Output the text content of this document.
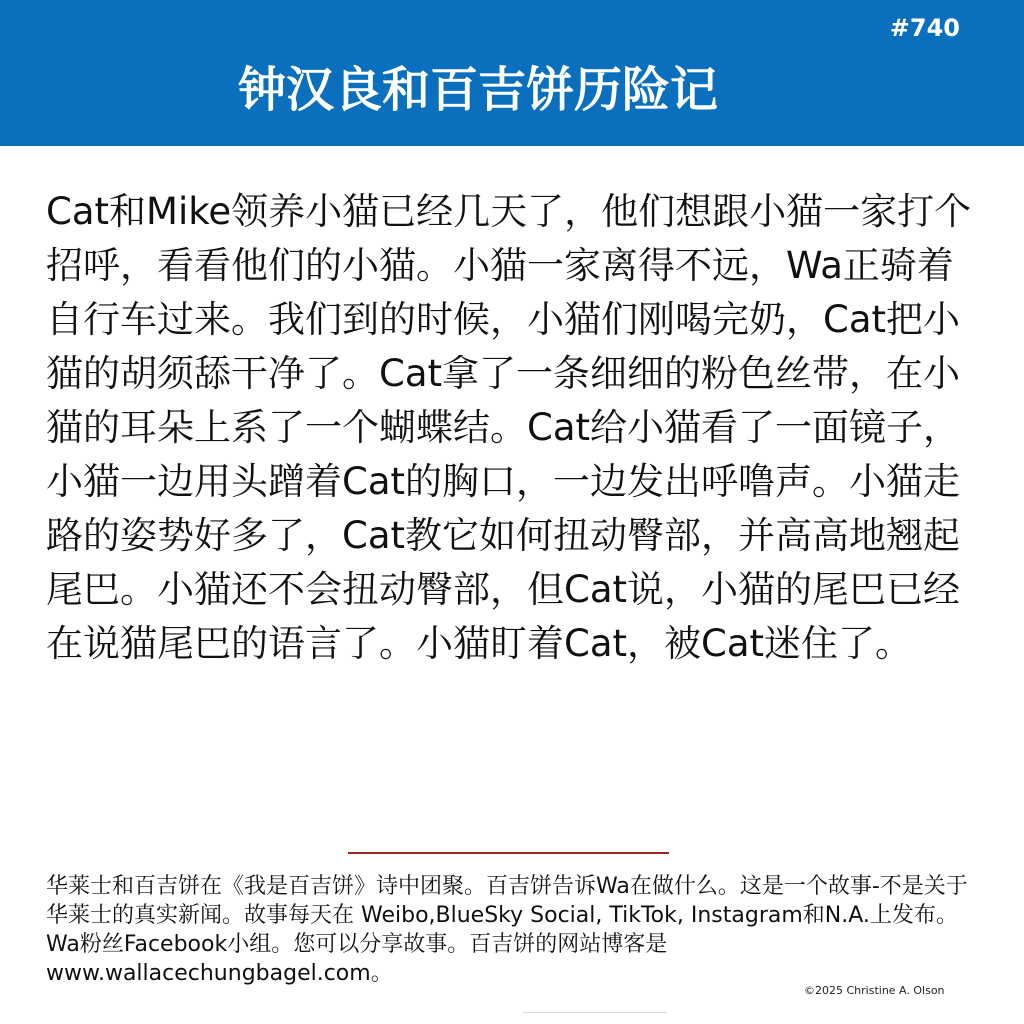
#740
钟汉良和百吉饼历险记

Cat和Mike领养小猫已经几天了，他们想跟小猫一家打个招呼，看看他们的小猫。小猫一家离得不远，Wa正骑着自行车过来。我们到的时候，小猫们刚喝完奶，Cat把小猫的胡须舔干净了。Cat拿了一条细细的粉色丝带，在小猫的耳朵上系了一个蝴蝶结。Cat给小猫看了一面镜子，小猫一边用头蹭着Cat的胸口，一边发出呼噜声。小猫走路的姿势好多了，Cat教它如何扭动臀部，并高高地翘起尾巴。小猫还不会扭动臀部，但Cat说，小猫的尾巴已经在说猫尾巴的语言了。小猫盯着Cat，被Cat迷住了。

华莱士和百吉饼在《我是百吉饼》诗中团聚。百吉饼告诉Wa在做什么。这是一个故事-不是关于华莱士的真实新闻。故事每天在 Weibo,BlueSky Social, TikTok, Instagram和N.A.上发布。Wa粉丝Facebook小组。您可以分享故事。百吉饼的网站博客是www.wallacechungbagel.com。

©2025 Christine A. Olson
